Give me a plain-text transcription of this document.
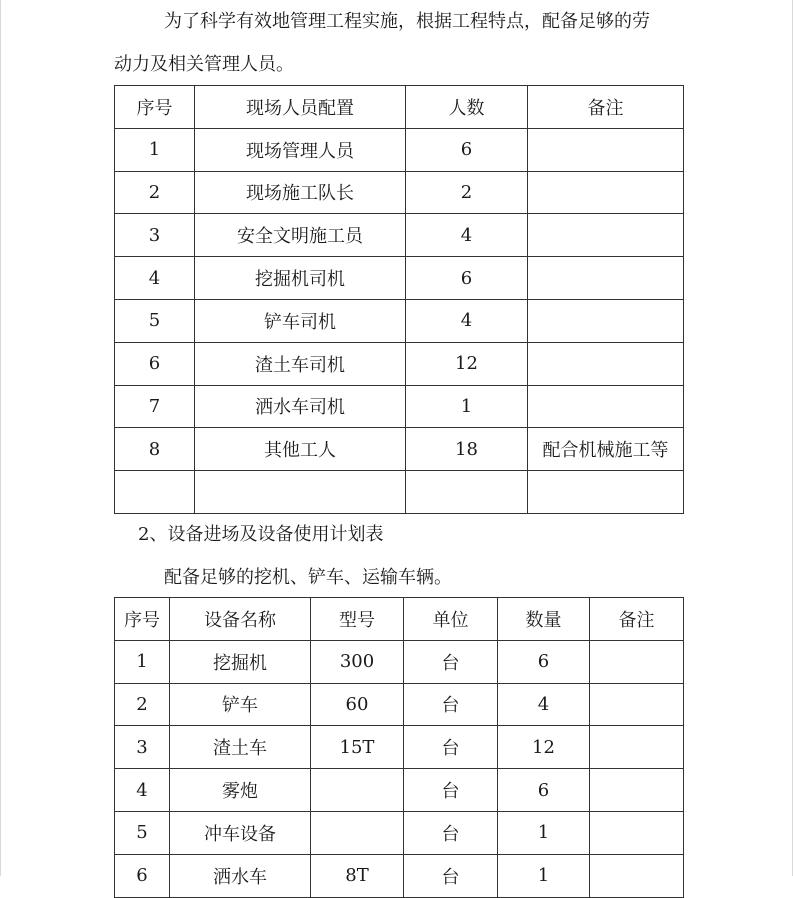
为了科学有效地管理工程实施，根据工程特点，配备足够的劳

动力及相关管理人员。

序号	现场人员配置	人数	备注
1	现场管理人员	6	
2	现场施工队长	2	
3	安全文明施工员	4	
4	挖掘机司机	6	
5	铲车司机	4	
6	渣土车司机	12	
7	洒水车司机	1	
8	其他工人	18	配合机械施工等

2、设备进场及设备使用计划表

配备足够的挖机、铲车、运输车辆。

序号	设备名称	型号	单位	数量	备注
1	挖掘机	300	台	6	
2	铲车	60	台	4	
3	渣土车	15T	台	12	
4	雾炮		台	6	
5	冲车设备		台	1	
6	洒水车	8T	台	1	
